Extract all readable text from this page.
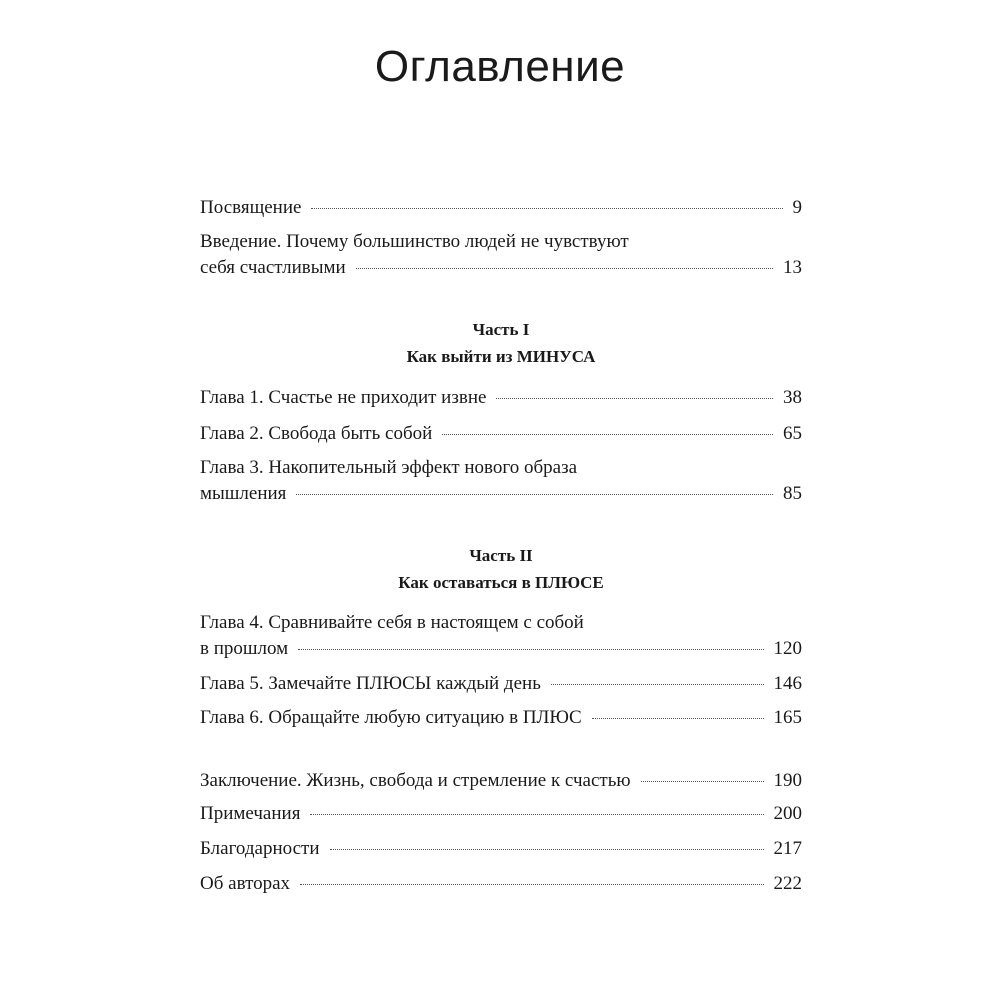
Оглавление
Посвящение	9
Введение. Почему большинство людей не чувствуют
себя счастливыми	13
Часть I
Как выйти из МИНУСА
Глава 1. Счастье не приходит извне	38
Глава 2. Свобода быть собой	65
Глава 3. Накопительный эффект нового образа
мышления	85
Часть II
Как оставаться в ПЛЮСЕ
Глава 4. Сравнивайте себя в настоящем с собой
в прошлом	120
Глава 5. Замечайте ПЛЮСЫ каждый день	146
Глава 6. Обращайте любую ситуацию в ПЛЮС	165
Заключение. Жизнь, свобода и стремление к счастью	190
Примечания	200
Благодарности	217
Об авторах	222
